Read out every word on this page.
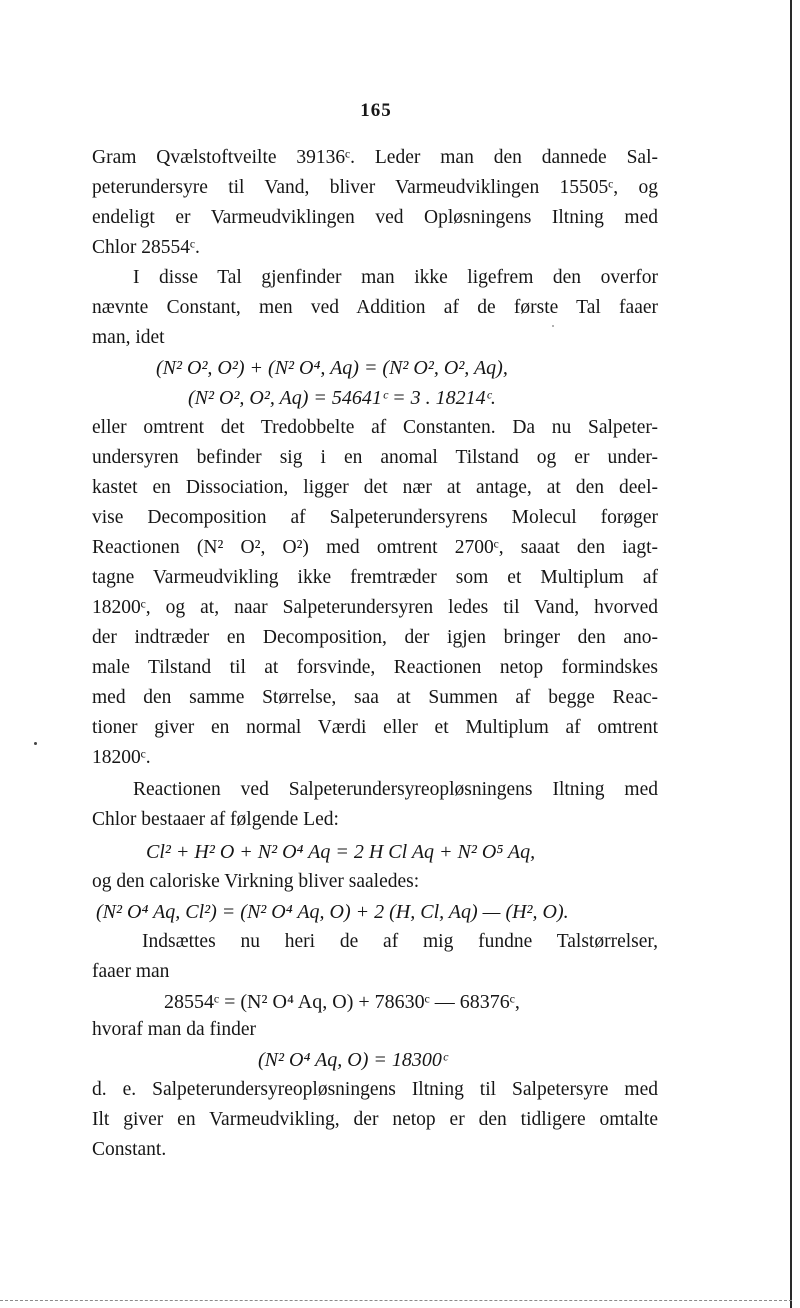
165
Gram Qvælstoftveilte 39136ᶜ. Leder man den dannede Sal-
peterundersyre til Vand, bliver Varmeudviklingen 15505ᶜ, og
endeligt er Varmeudviklingen ved Opløsningens Iltning med
Chlor 28554ᶜ.
I disse Tal gjenfinder man ikke ligefrem den overfor
nævnte Constant, men ved Addition af de første Tal faaer
man, idet
(N² O², O²) + (N² O⁴, Aq) = (N² O², O², Aq),
(N² O², O², Aq) = 54641ᶜ = 3 . 18214ᶜ.
eller omtrent det Tredobbelte af Constanten. Da nu Salpeter-
undersyren befinder sig i en anomal Tilstand og er under-
kastet en Dissociation, ligger det nær at antage, at den deel-
vise Decomposition af Salpeterundersyrens Molecul forøger
Reactionen (N² O², O²) med omtrent 2700ᶜ, saaat den iagt-
tagne Varmeudvikling ikke fremtræder som et Multiplum af
18200ᶜ, og at, naar Salpeterundersyren ledes til Vand, hvorved
der indtræder en Decomposition, der igjen bringer den ano-
male Tilstand til at forsvinde, Reactionen netop formindskes
med den samme Størrelse, saa at Summen af begge Reac-
tioner giver en normal Værdi eller et Multiplum af omtrent
18200ᶜ.
Reactionen ved Salpeterundersyreopløsningens Iltning med
Chlor bestaaer af følgende Led:
Cl² + H² O + N² O⁴ Aq = 2 H Cl Aq + N² O⁵ Aq,
og den caloriske Virkning bliver saaledes:
(N² O⁴ Aq, Cl²) = (N² O⁴ Aq, O) + 2 (H, Cl, Aq) — (H², O).
Indsættes nu heri de af mig fundne Talstørrelser,
faaer man
28554ᶜ = (N² O⁴ Aq, O) + 78630ᶜ — 68376ᶜ,
hvoraf man da finder
(N² O⁴ Aq, O) = 18300ᶜ
d. e. Salpeterundersyreopløsningens Iltning til Salpetersyre med
Ilt giver en Varmeudvikling, der netop er den tidligere omtalte
Constant.
